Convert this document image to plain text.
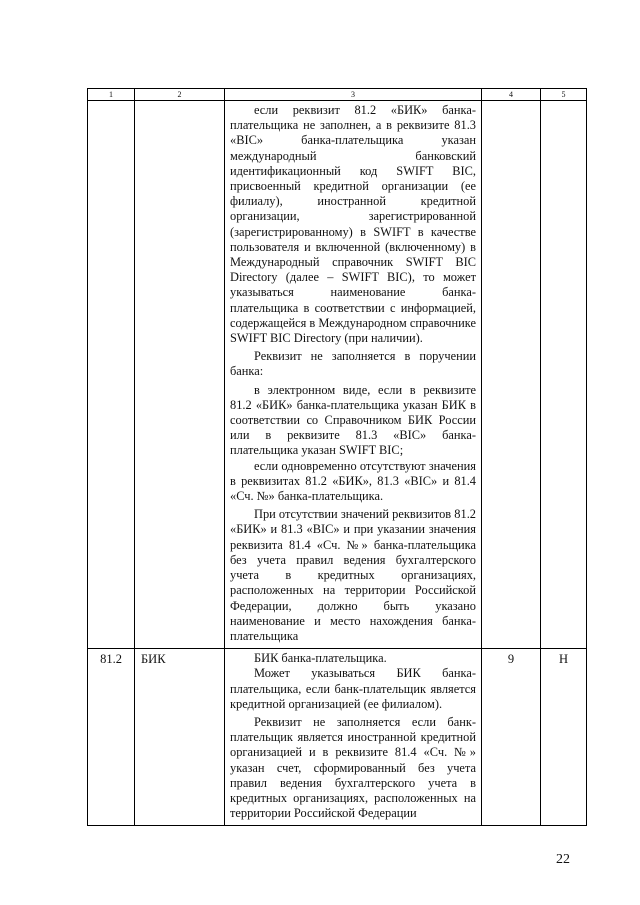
1	2	3	4	5

		если реквизит 81.2 «БИК» банка-плательщика не заполнен, а в реквизите 81.3 «BIC» банка-плательщика указан международный банковский идентификационный код SWIFT BIC, присвоенный кредитной организации (ее филиалу), иностранной кредитной организации, зарегистрированной (зарегистрированному) в SWIFT в качестве пользователя и включенной (включенному) в Международный справочник SWIFT BIC Directory (далее – SWIFT BIC), то может указываться наименование банка-плательщика в соответствии с информацией, содержащейся в Международном справочнике SWIFT BIC Directory (при наличии).

Реквизит не заполняется в поручении банка:

в электронном виде, если в реквизите 81.2 «БИК» банка-плательщика указан БИК в соответствии со Справочником БИК России или в реквизите 81.3 «BIC» банка-плательщика указан SWIFT BIC;

если одновременно отсутствуют значения в реквизитах 81.2 «БИК», 81.3 «BIC» и 81.4 «Сч. №» банка-плательщика.

При отсутствии значений реквизитов 81.2 «БИК» и 81.3 «BIC» и при указании значения реквизита 81.4 «Сч. №» банка-плательщика без учета правил ведения бухгалтерского учета в кредитных организациях, расположенных на территории Российской Федерации, должно быть указано наименование и место нахождения банка-плательщика		

81.2	БИК	БИК банка-плательщика.

Может указываться БИК банка-плательщика, если банк-плательщик является кредитной организацией (ее филиалом).

Реквизит не заполняется если банк-плательщик является иностранной кредитной организацией и в реквизите 81.4 «Сч. №» указан счет, сформированный без учета правил ведения бухгалтерского учета в кредитных организациях, расположенных на территории Российской Федерации	9	Н
22
